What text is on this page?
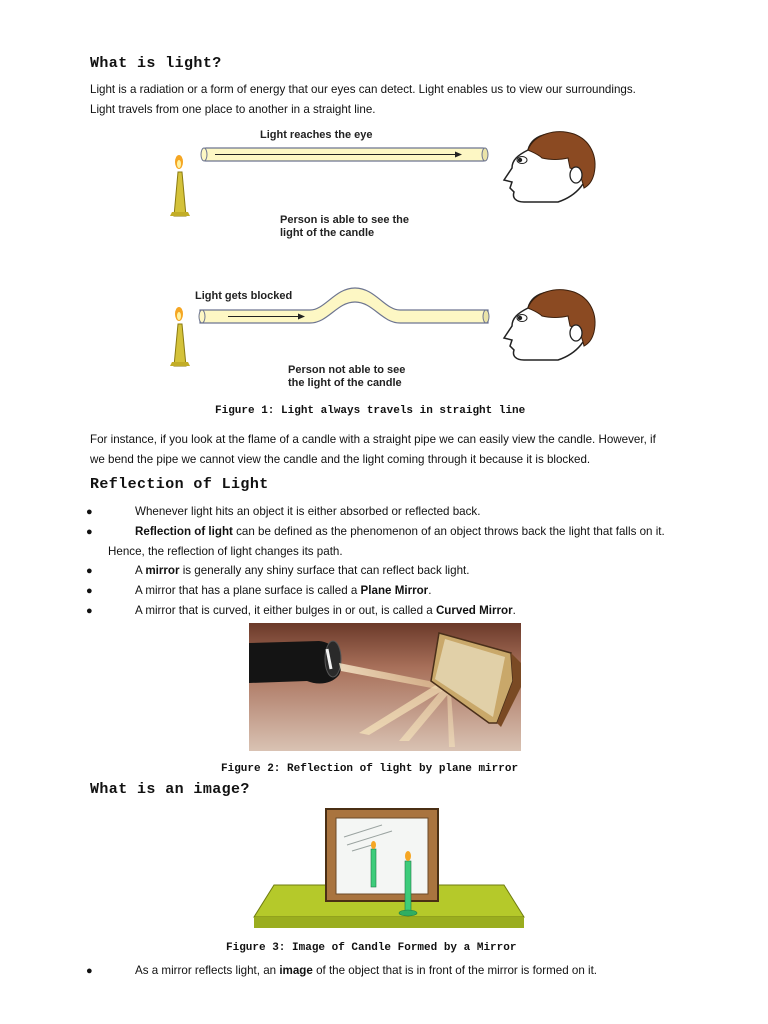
What is light?

Light is a radiation or a form of energy that our eyes can detect. Light enables us to view our surroundings.
Light travels from one place to another in a straight line.

Light reaches the eye
Person is able to see the
light of the candle
Light gets blocked
Person not able to see
the light of the candle
Figure 1: Light always travels in straight line

For instance, if you look at the flame of a candle with a straight pipe we can easily view the candle. However, if
we bend the pipe we cannot view the candle and the light coming through it because it is blocked.

Reflection of Light
●	Whenever light hits an object it is either absorbed or reflected back.
●	Reflection of light can be defined as the phenomenon of an object throws back the light that falls on it. Hence, the reflection of light changes its path.
●	A mirror is generally any shiny surface that can reflect back light.
●	A mirror that has a plane surface is called a Plane Mirror.
●	A mirror that is curved, it either bulges in or out, is called a Curved Mirror.
Figure 2: Reflection of light by plane mirror
What is an image?
Figure 3: Image of Candle Formed by a Mirror
●	As a mirror reflects light, an image of the object that is in front of the mirror is formed on it.
